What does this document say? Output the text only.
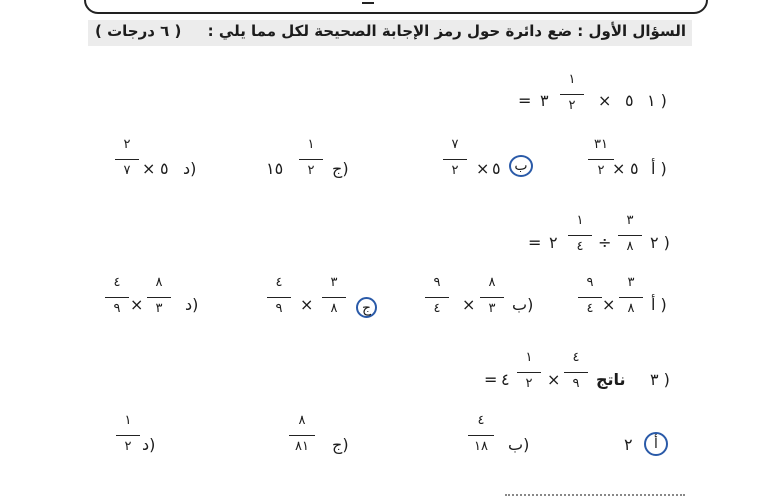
السؤال الأول : ضع دائرة حول رمز الإجابة الصحيحة لكل مما يلي :
( ٦ درجات )
١ )
٥
×
١
٢
٣
=
أ )
٥
×
٣١
٢
ب
٥
×
٧
٢
ج)
١
٢
١٥
د)
٥
×
٢
٧
٢ )
٣
٨
÷
١
٤
٢
=
أ )
٣
٨
×
٩
٤
ب)
٨
٣
×
٩
٤
ج
٣
٨
×
٤
٩
د)
٨
٣
×
٤
٩
٣ )
ناتج
٤
٩
×
١
٢
٤
=
أ
٢
ب)
٤
١٨
ج)
٨
٨١
د)
١
٢
